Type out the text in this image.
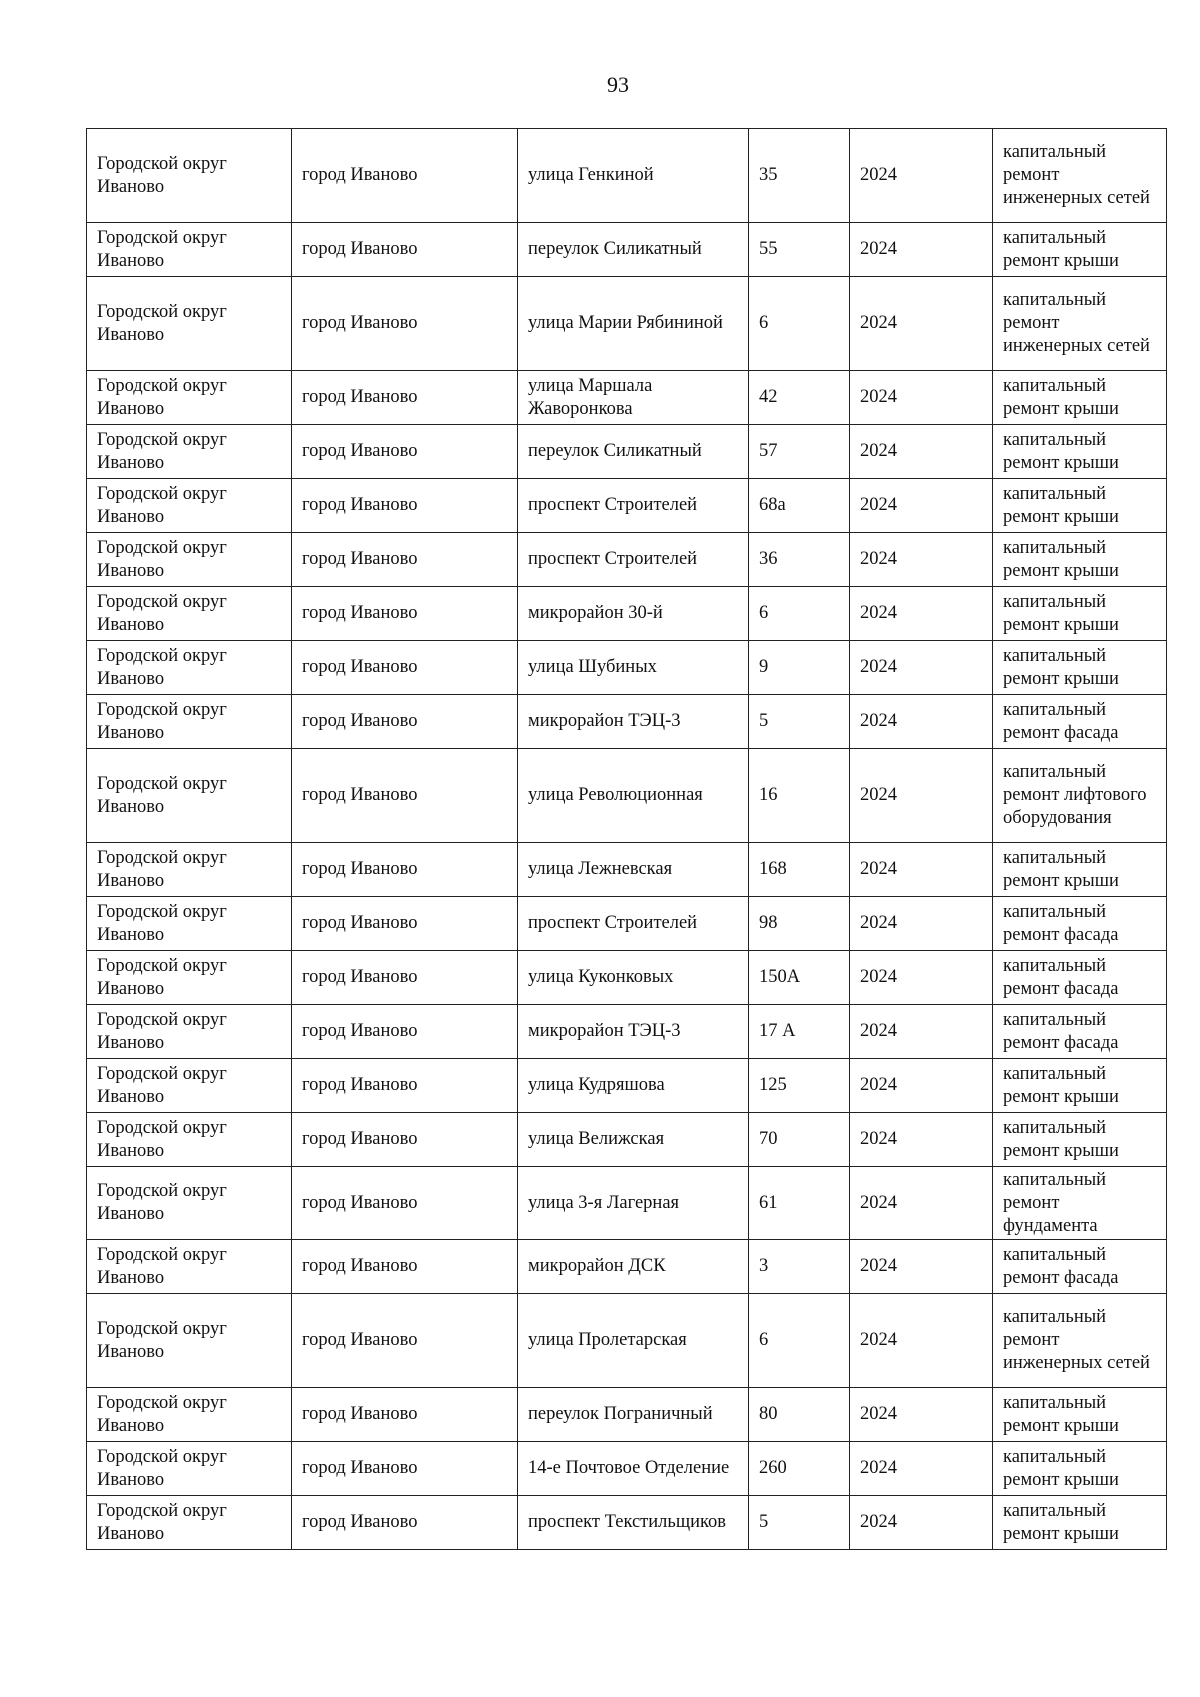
93
Городской округ Иваново	город Иваново	улица Генкиной	35	2024	капитальный ремонт инженерных сетей
Городской округ Иваново	город Иваново	переулок Силикатный	55	2024	капитальный ремонт крыши
Городской округ Иваново	город Иваново	улица Марии Рябининой	6	2024	капитальный ремонт инженерных сетей
Городской округ Иваново	город Иваново	улица Маршала Жаворонкова	42	2024	капитальный ремонт крыши
Городской округ Иваново	город Иваново	переулок Силикатный	57	2024	капитальный ремонт крыши
Городской округ Иваново	город Иваново	проспект Строителей	68а	2024	капитальный ремонт крыши
Городской округ Иваново	город Иваново	проспект Строителей	36	2024	капитальный ремонт крыши
Городской округ Иваново	город Иваново	микрорайон 30-й	6	2024	капитальный ремонт крыши
Городской округ Иваново	город Иваново	улица Шубиных	9	2024	капитальный ремонт крыши
Городской округ Иваново	город Иваново	микрорайон ТЭЦ-3	5	2024	капитальный ремонт фасада
Городской округ Иваново	город Иваново	улица Революционная	16	2024	капитальный ремонт лифтового оборудования
Городской округ Иваново	город Иваново	улица Лежневская	168	2024	капитальный ремонт крыши
Городской округ Иваново	город Иваново	проспект Строителей	98	2024	капитальный ремонт фасада
Городской округ Иваново	город Иваново	улица Куконковых	150А	2024	капитальный ремонт фасада
Городской округ Иваново	город Иваново	микрорайон ТЭЦ-3	17 А	2024	капитальный ремонт фасада
Городской округ Иваново	город Иваново	улица Кудряшова	125	2024	капитальный ремонт крыши
Городской округ Иваново	город Иваново	улица Велижская	70	2024	капитальный ремонт крыши
Городской округ Иваново	город Иваново	улица 3-я Лагерная	61	2024	капитальный ремонт фундамента
Городской округ Иваново	город Иваново	микрорайон ДСК	3	2024	капитальный ремонт фасада
Городской округ Иваново	город Иваново	улица Пролетарская	6	2024	капитальный ремонт инженерных сетей
Городской округ Иваново	город Иваново	переулок Пограничный	80	2024	капитальный ремонт крыши
Городской округ Иваново	город Иваново	14-е Почтовое Отделение	260	2024	капитальный ремонт крыши
Городской округ Иваново	город Иваново	проспект Текстильщиков	5	2024	капитальный ремонт крыши
